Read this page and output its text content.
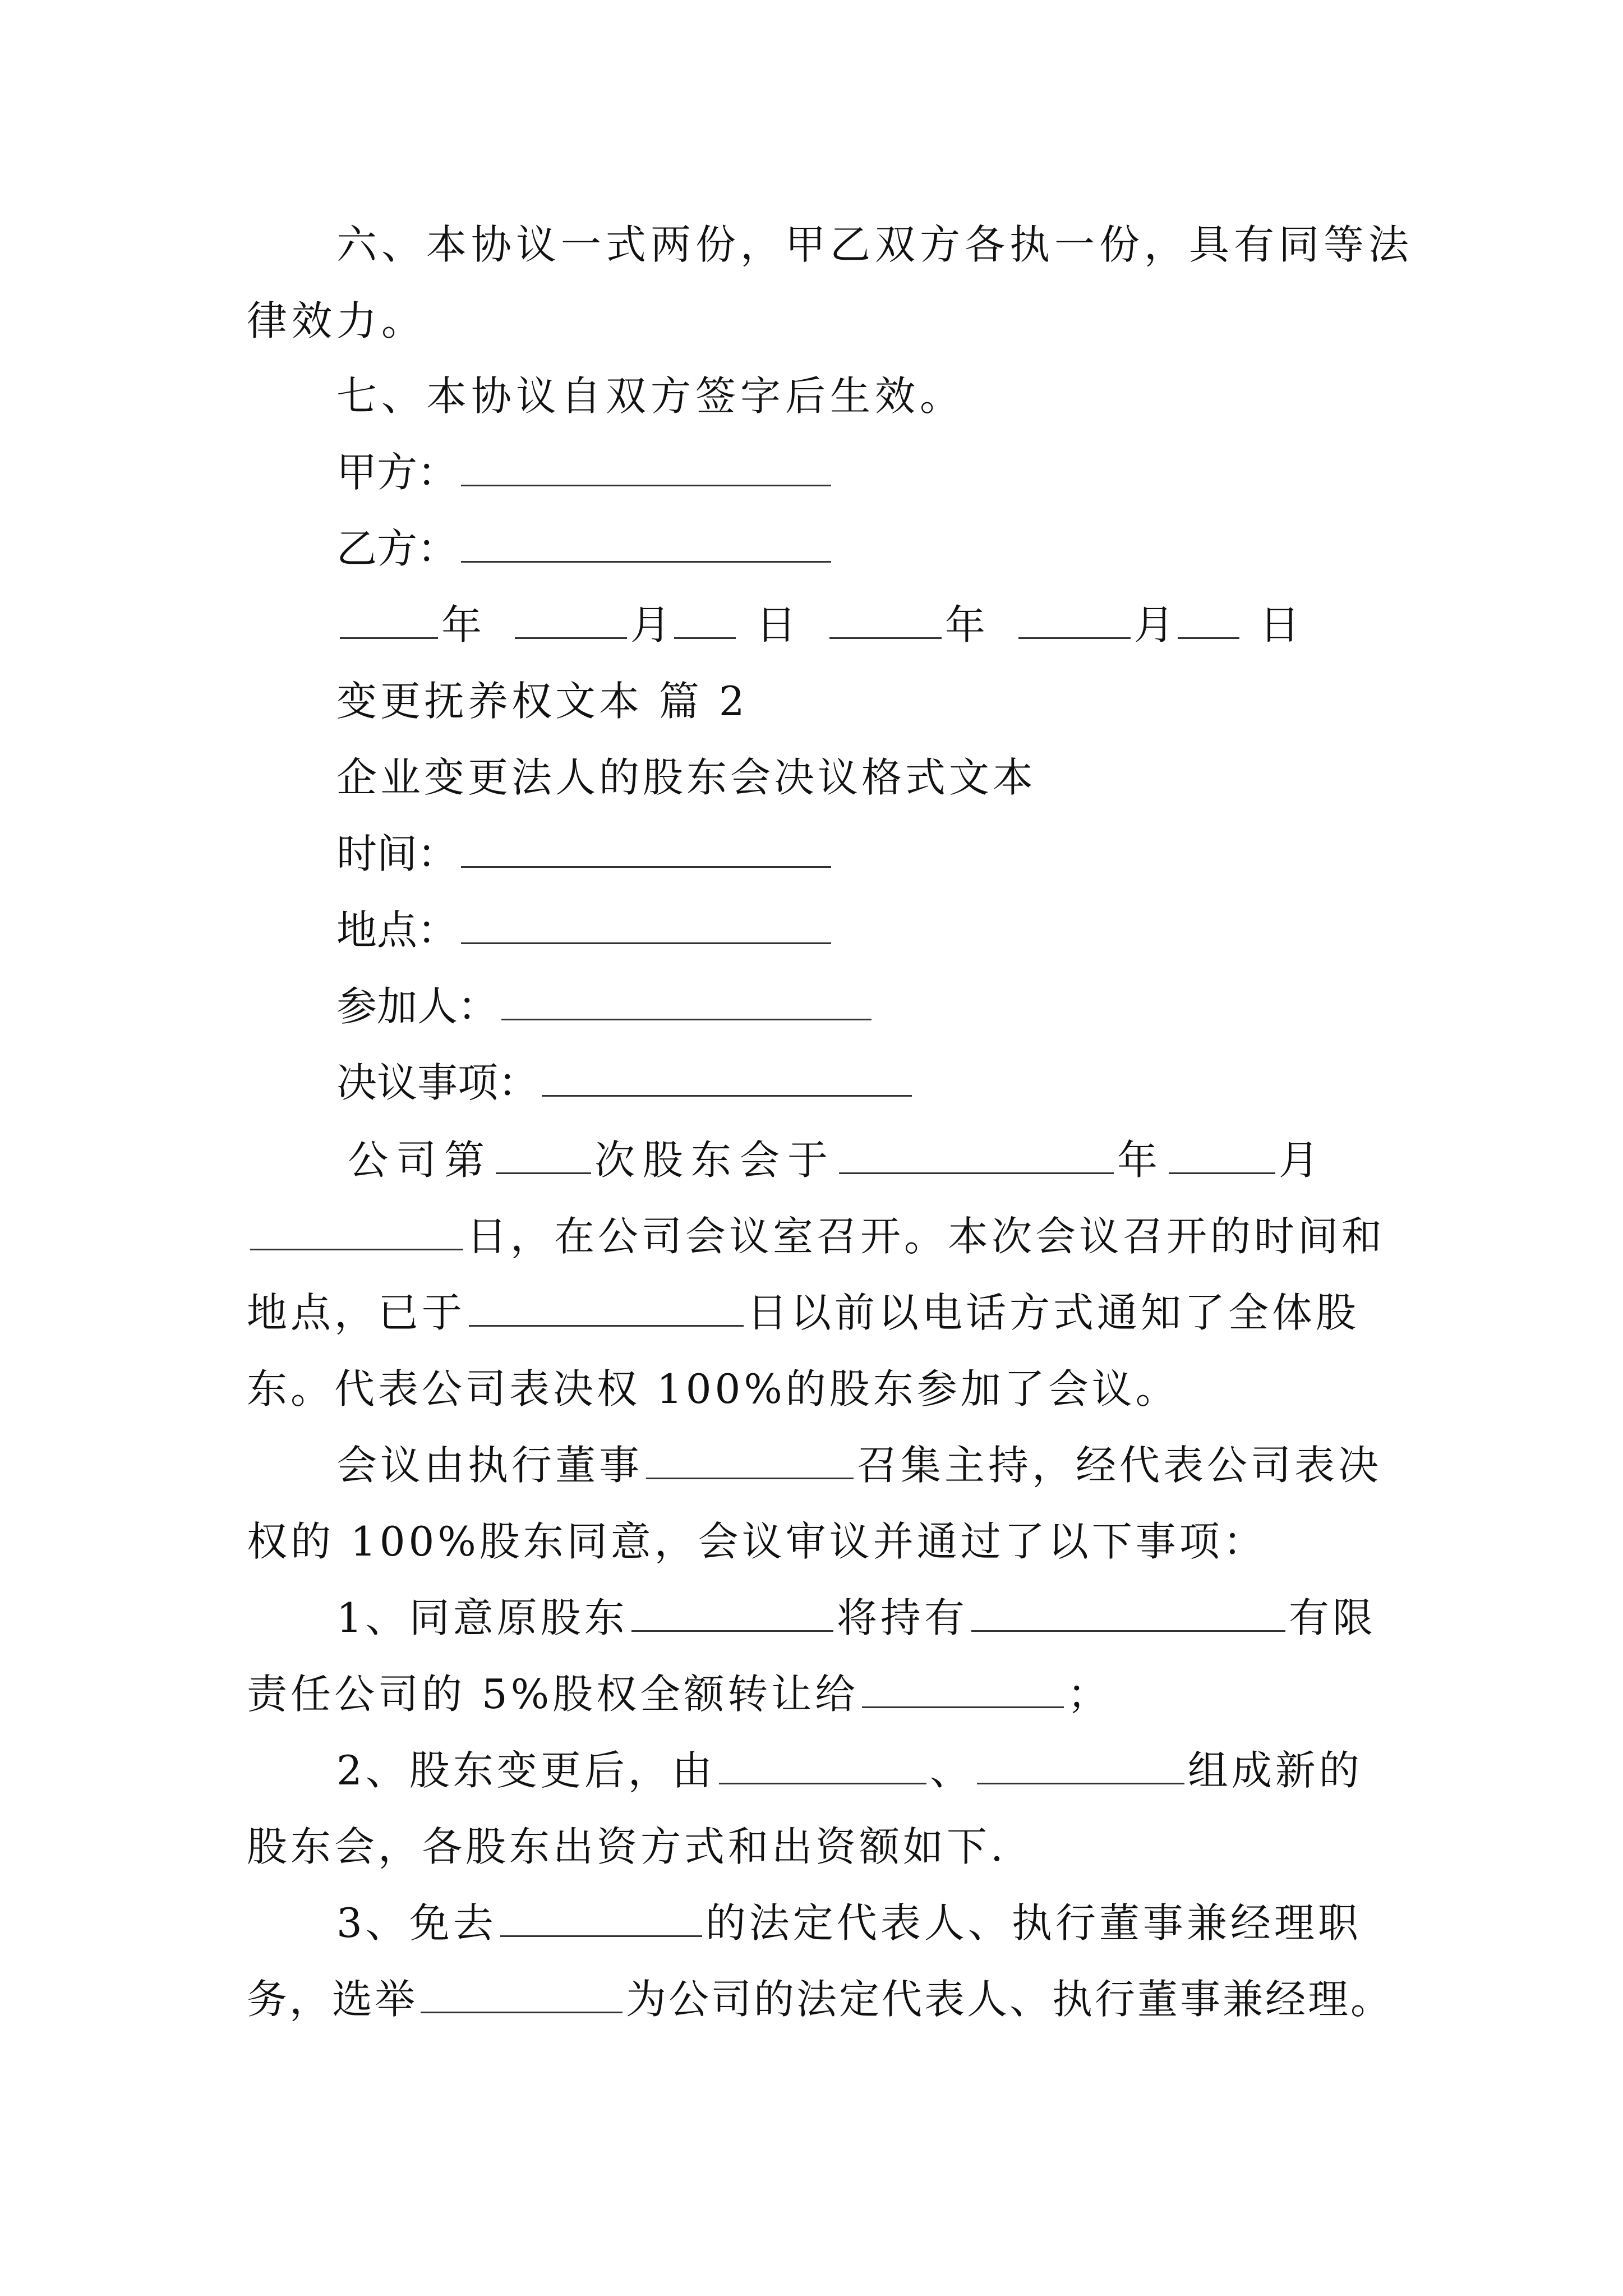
六、本协议一式两份，甲乙双方各执一份，具有同等法
律效力。
七、本协议自双方签字后生效。
甲方：
乙方：
年	月 日	年	月 日
变更抚养权文本 篇 2
企业变更法人的股东会决议格式文本
时间：
地点：
参加人：
决议事项：
公司第	次股东会于	年	月
日，在公司会议室召开。本次会议召开的时间和
地点，已于	日以前以电话方式通知了全体股
东。代表公司表决权 100%的股东参加了会议。
会议由执行董事	召集主持，经代表公司表决
权的 100%股东同意，会议审议并通过了以下事项：
1、同意原股东	将持有	有限
责任公司的 5%股权全额转让给	；
2、股东变更后，由	、	组成新的
股东会，各股东出资方式和出资额如下.
3、免去	的法定代表人、执行董事兼经理职
务，选举	为公司的法定代表人、执行董事兼经理。
